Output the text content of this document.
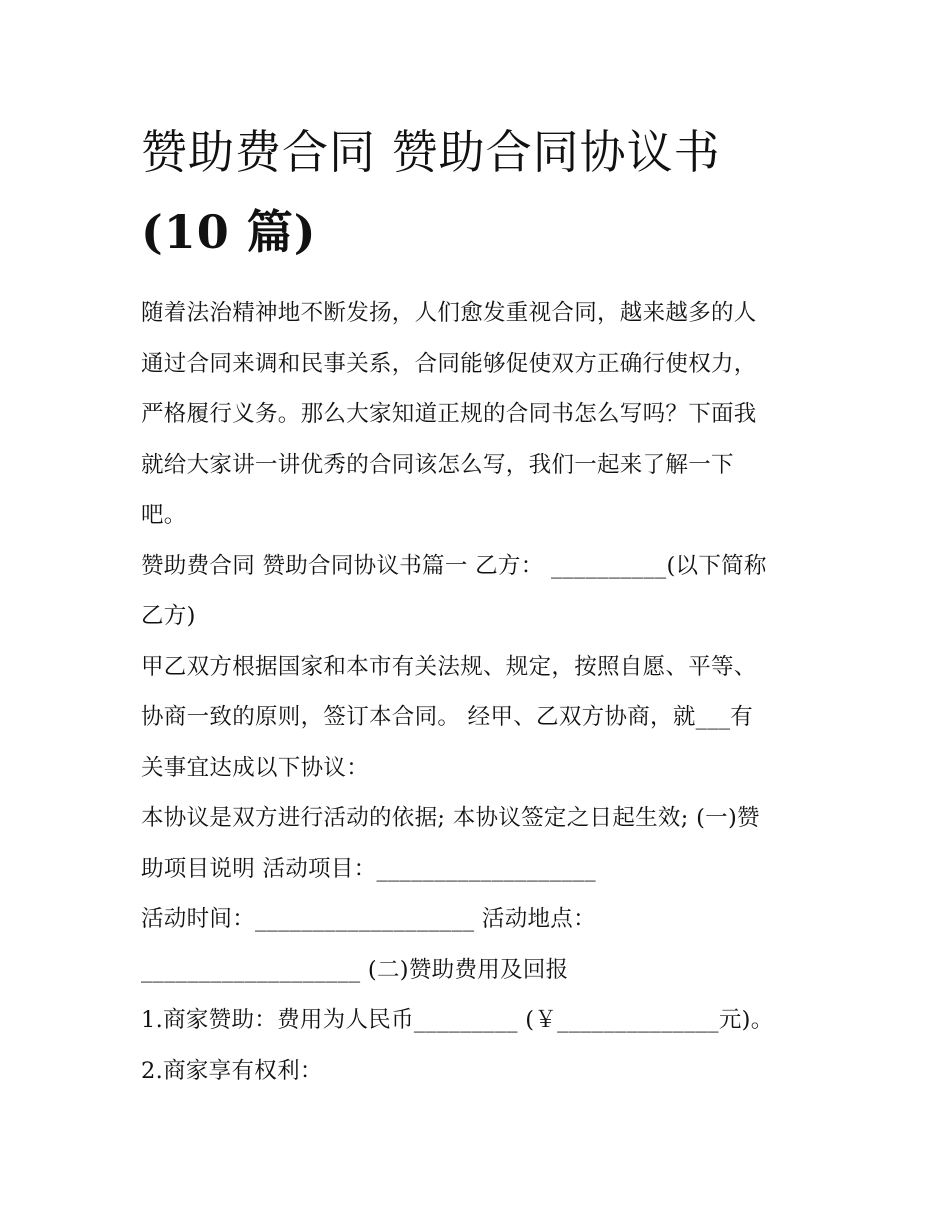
赞助费合同 赞助合同协议书
(10 篇)
随着法治精神地不断发扬，人们愈发重视合同，越来越多的人
通过合同来调和民事关系，合同能够促使双方正确行使权力，
严格履行义务。那么大家知道正规的合同书怎么写吗？下面我
就给大家讲一讲优秀的合同该怎么写，我们一起来了解一下
吧。
赞助费合同 赞助合同协议书篇一 乙方： __________(以下简称
乙方)
甲乙双方根据国家和本市有关法规、规定，按照自愿、平等、
协商一致的原则，签订本合同。 经甲、乙双方协商，就___有
关事宜达成以下协议：
本协议是双方进行活动的依据; 本协议签定之日起生效; (一)赞
助项目说明 活动项目：___________________
活动时间：___________________ 活动地点：
___________________ (二)赞助费用及回报
1.商家赞助：费用为人民币_________ (￥______________元)。
2.商家享有权利：
